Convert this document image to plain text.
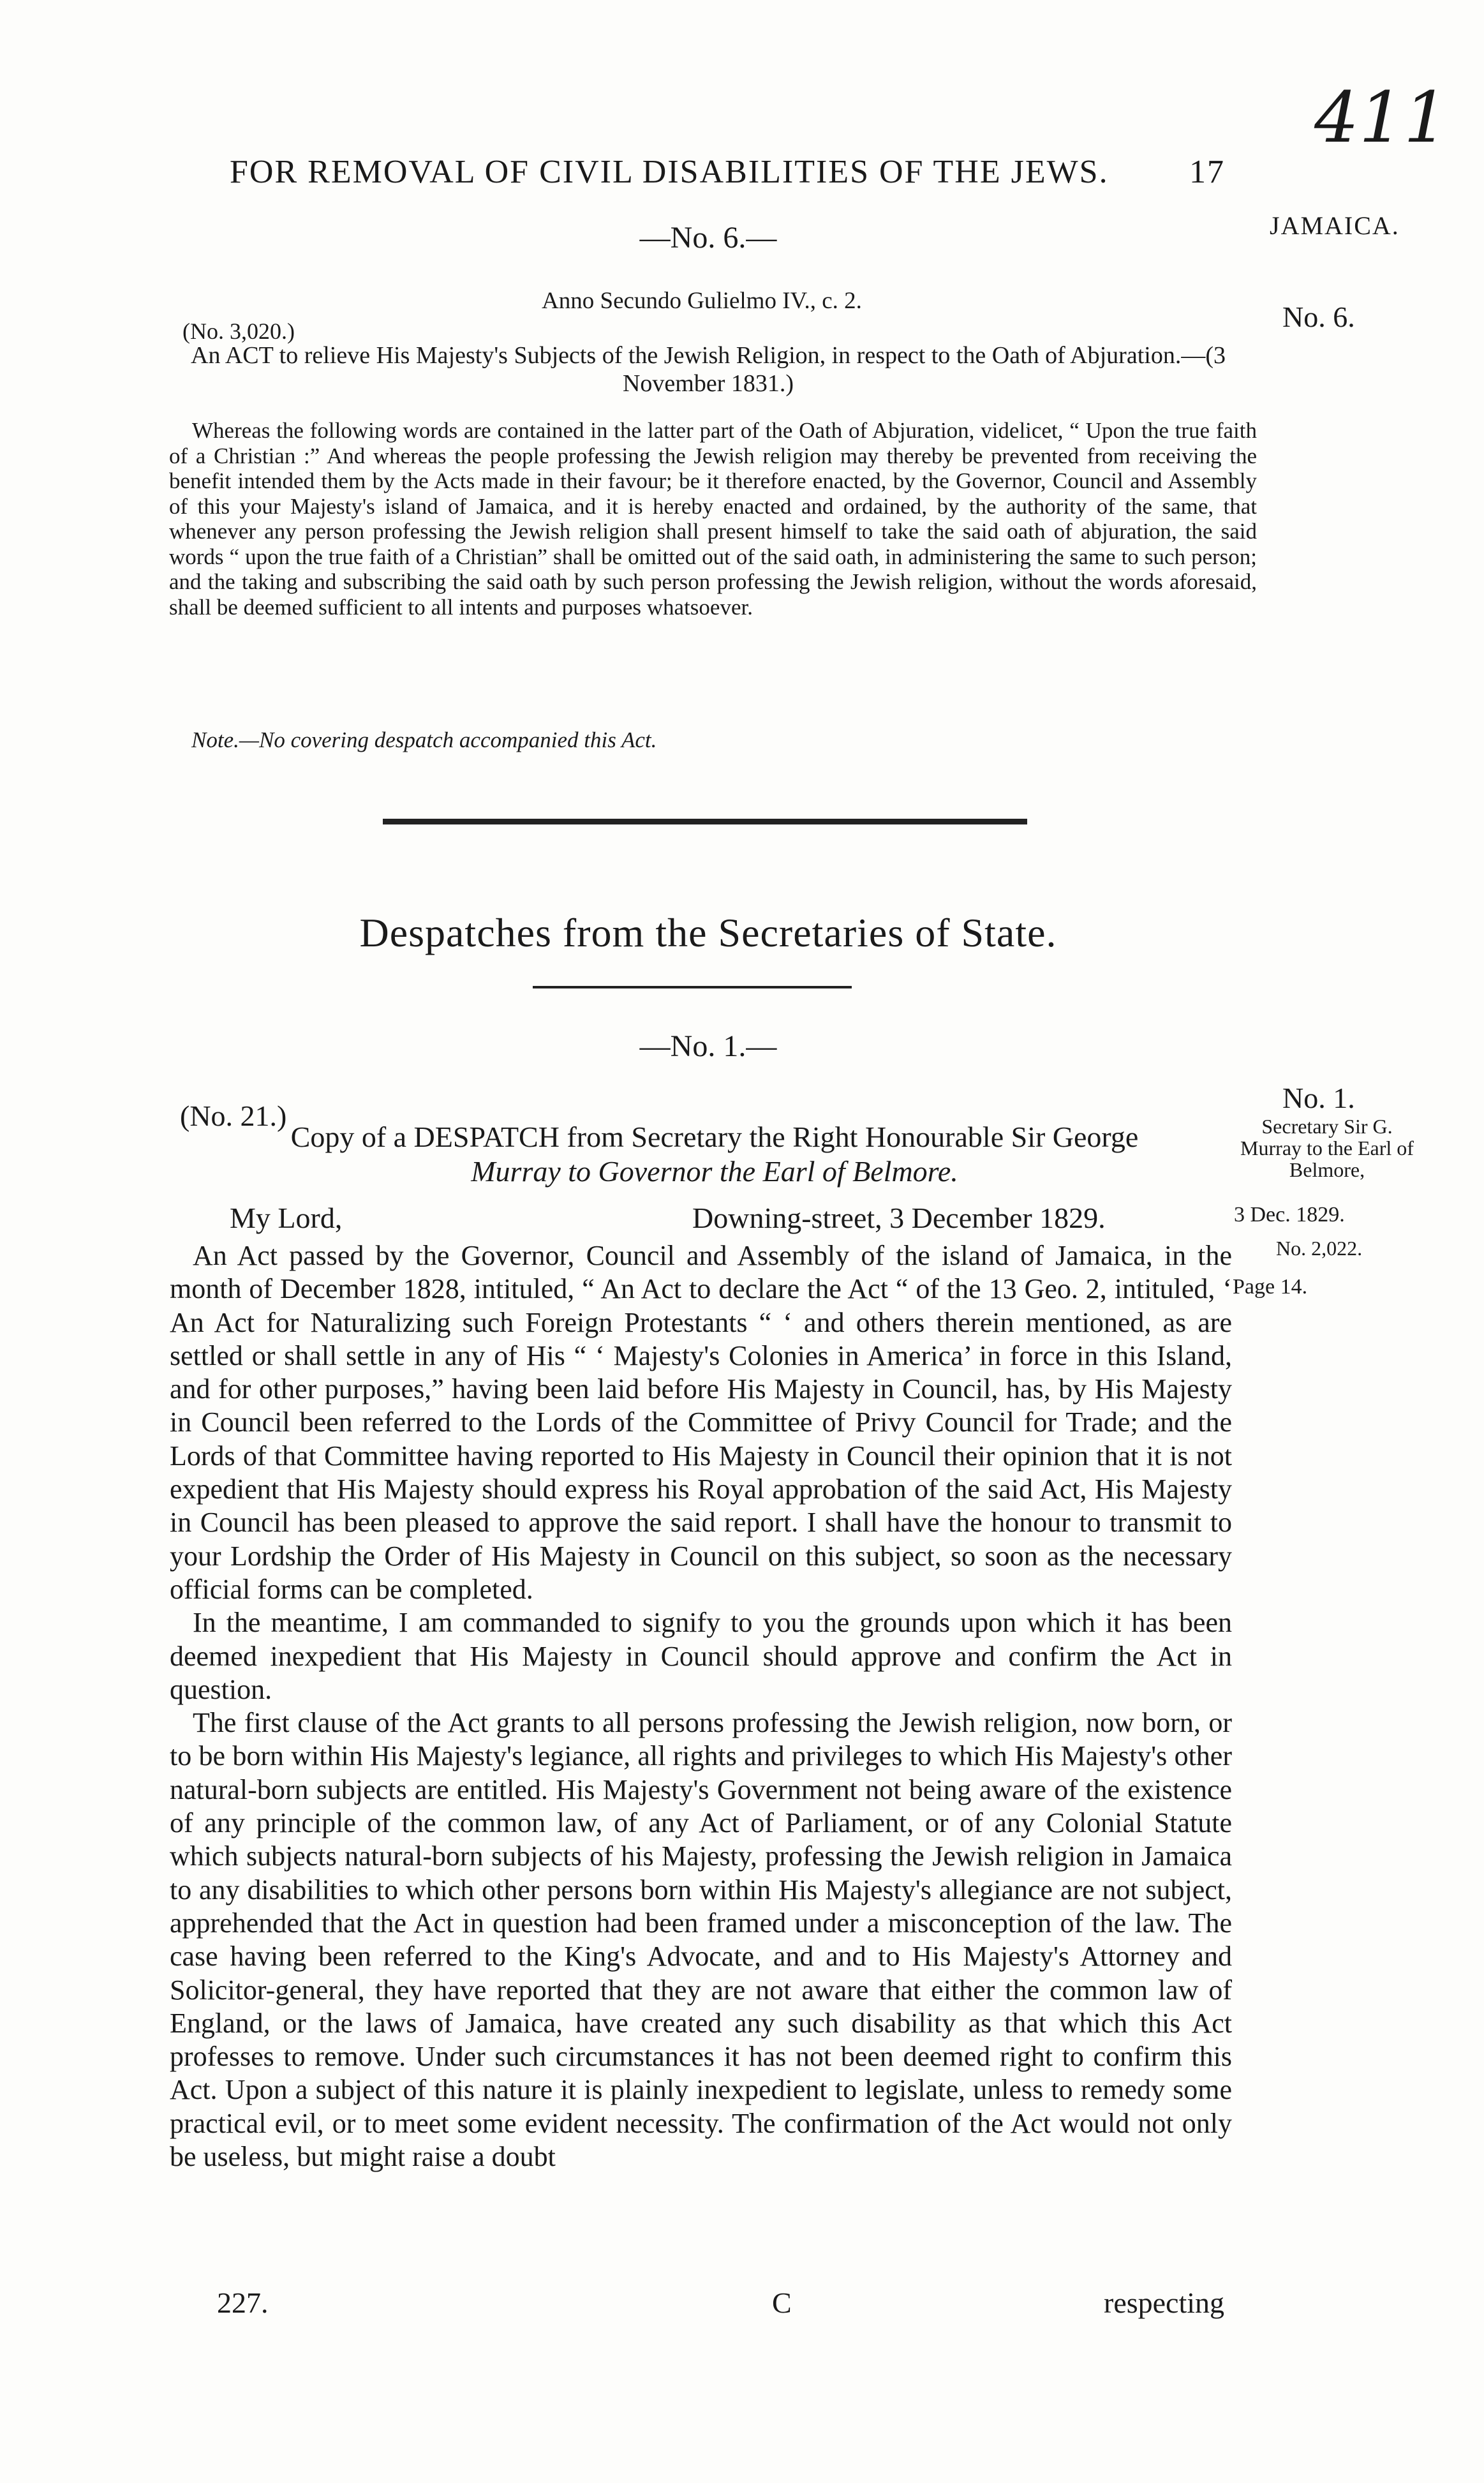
411
FOR REMOVAL OF CIVIL DISABILITIES OF THE JEWS. 17
JAMAICA.
—No. 6.—
Anno Secundo Gulielmo IV., c. 2.
(No. 3,020.)	No. 6.
An ACT to relieve His Majesty's Subjects of the Jewish Religion, in respect to the Oath of Abjuration.—(3 November 1831.)

Whereas the following words are contained in the latter part of the Oath of Abjuration, videlicet, “ Upon the true faith of a Christian :” And whereas the people professing the Jewish religion may thereby be prevented from receiving the benefit intended them by the Acts made in their favour; be it therefore enacted, by the Governor, Council and Assembly of this your Majesty's island of Jamaica, and it is hereby enacted and ordained, by the authority of the same, that whenever any person professing the Jewish religion shall present himself to take the said oath of abjuration, the said words “ upon the true faith of a Christian” shall be omitted out of the said oath, in administering the same to such person; and the taking and subscribing the said oath by such person professing the Jewish religion, without the words aforesaid, shall be deemed sufficient to all intents and purposes whatsoever.

Note.—No covering despatch accompanied this Act.
Despatches from the Secretaries of State.
—No. 1.—
(No. 21.)
Copy of a DESPATCH from Secretary the Right Honourable Sir George
Murray to Governor the Earl of Belmore.
My Lord,	Downing-street, 3 December 1829.
No. 1.
Secretary Sir G. Murray to the Earl of Belmore,
3 Dec. 1829.
No. 2,022.
Page 14.

An Act passed by the Governor, Council and Assembly of the island of Jamaica, in the month of December 1828, intituled, “ An Act to declare the Act “ of the 13 Geo. 2, intituled, ‘ An Act for Naturalizing such Foreign Protestants “ ‘ and others therein mentioned, as are settled or shall settle in any of His “ ‘ Majesty's Colonies in America’ in force in this Island, and for other purposes,” having been laid before His Majesty in Council, has, by His Majesty in Council been referred to the Lords of the Committee of Privy Council for Trade; and the Lords of that Committee having reported to His Majesty in Council their opinion that it is not expedient that His Majesty should express his Royal approbation of the said Act, His Majesty in Council has been pleased to approve the said report. I shall have the honour to transmit to your Lordship the Order of His Majesty in Council on this subject, so soon as the necessary official forms can be completed.

In the meantime, I am commanded to signify to you the grounds upon which it has been deemed inexpedient that His Majesty in Council should approve and confirm the Act in question.

The first clause of the Act grants to all persons professing the Jewish religion, now born, or to be born within His Majesty's legiance, all rights and privileges to which His Majesty's other natural-born subjects are entitled. His Majesty's Government not being aware of the existence of any principle of the common law, of any Act of Parliament, or of any Colonial Statute which subjects natural-born subjects of his Majesty, professing the Jewish religion in Jamaica to any disabilities to which other persons born within His Majesty's allegiance are not subject, apprehended that the Act in question had been framed under a misconception of the law. The case having been referred to the King's Advocate, and and to His Majesty's Attorney and Solicitor-general, they have reported that they are not aware that either the common law of England, or the laws of Jamaica, have created any such disability as that which this Act professes to remove. Under such circumstances it has not been deemed right to confirm this Act. Upon a subject of this nature it is plainly inexpedient to legislate, unless to remedy some practical evil, or to meet some evident necessity. The confirmation of the Act would not only be useless, but might raise a doubt

227.	C	respecting
